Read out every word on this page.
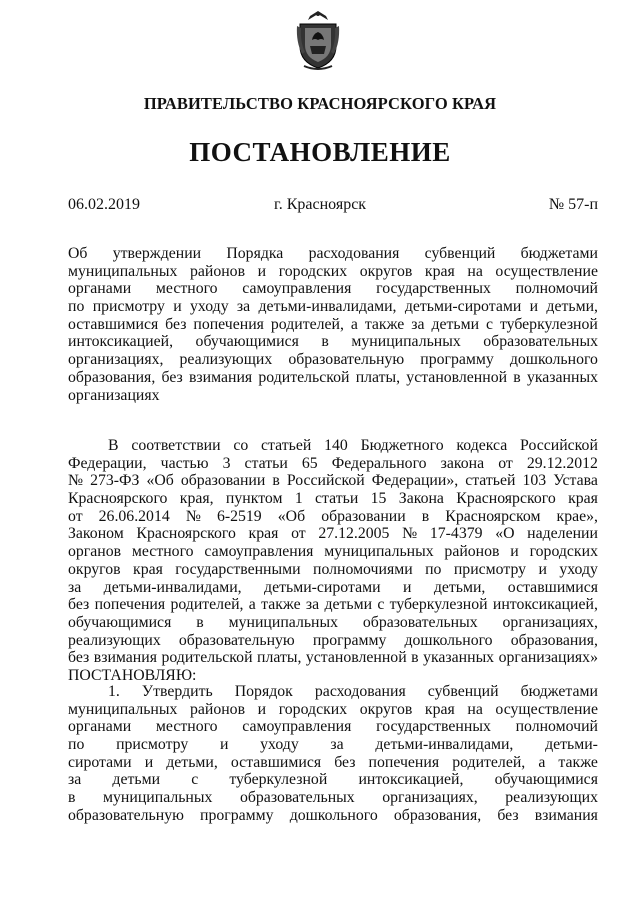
ПРАВИТЕЛЬСТВО КРАСНОЯРСКОГО КРАЯ
ПОСТАНОВЛЕНИЕ
06.02.2019	г. Красноярск	№ 57-п
Об утверждении Порядка расходования субвенций бюджетами
муниципальных районов и городских округов края на осуществление
органами местного самоуправления государственных полномочий
по присмотру и уходу за детьми-инвалидами, детьми-сиротами и детьми,
оставшимися без попечения родителей, а также за детьми с туберкулезной
интоксикацией, обучающимися в муниципальных образовательных
организациях, реализующих образовательную программу дошкольного
образования, без взимания родительской платы, установленной в указанных
организациях
В соответствии со статьей 140 Бюджетного кодекса Российской
Федерации, частью 3 статьи 65 Федерального закона от 29.12.2012
№ 273-ФЗ «Об образовании в Российской Федерации», статьей 103 Устава
Красноярского края, пунктом 1 статьи 15 Закона Красноярского края
от 26.06.2014 № 6-2519 «Об образовании в Красноярском крае»,
Законом Красноярского края от 27.12.2005 № 17-4379 «О наделении
органов местного самоуправления муниципальных районов и городских
округов края государственными полномочиями по присмотру и уходу
за детьми-инвалидами, детьми-сиротами и детьми, оставшимися
без попечения родителей, а также за детьми с туберкулезной интоксикацией,
обучающимися в муниципальных образовательных организациях,
реализующих образовательную программу дошкольного образования,
без взимания родительской платы, установленной в указанных организациях»
ПОСТАНОВЛЯЮ:
1. Утвердить Порядок расходования субвенций бюджетами
муниципальных районов и городских округов края на осуществление
органами местного самоуправления государственных полномочий
по присмотру и уходу за детьми-инвалидами, детьми-
сиротами и детьми, оставшимися без попечения родителей, а также
за детьми с туберкулезной интоксикацией, обучающимися
в муниципальных образовательных организациях, реализующих
образовательную программу дошкольного образования, без взимания
